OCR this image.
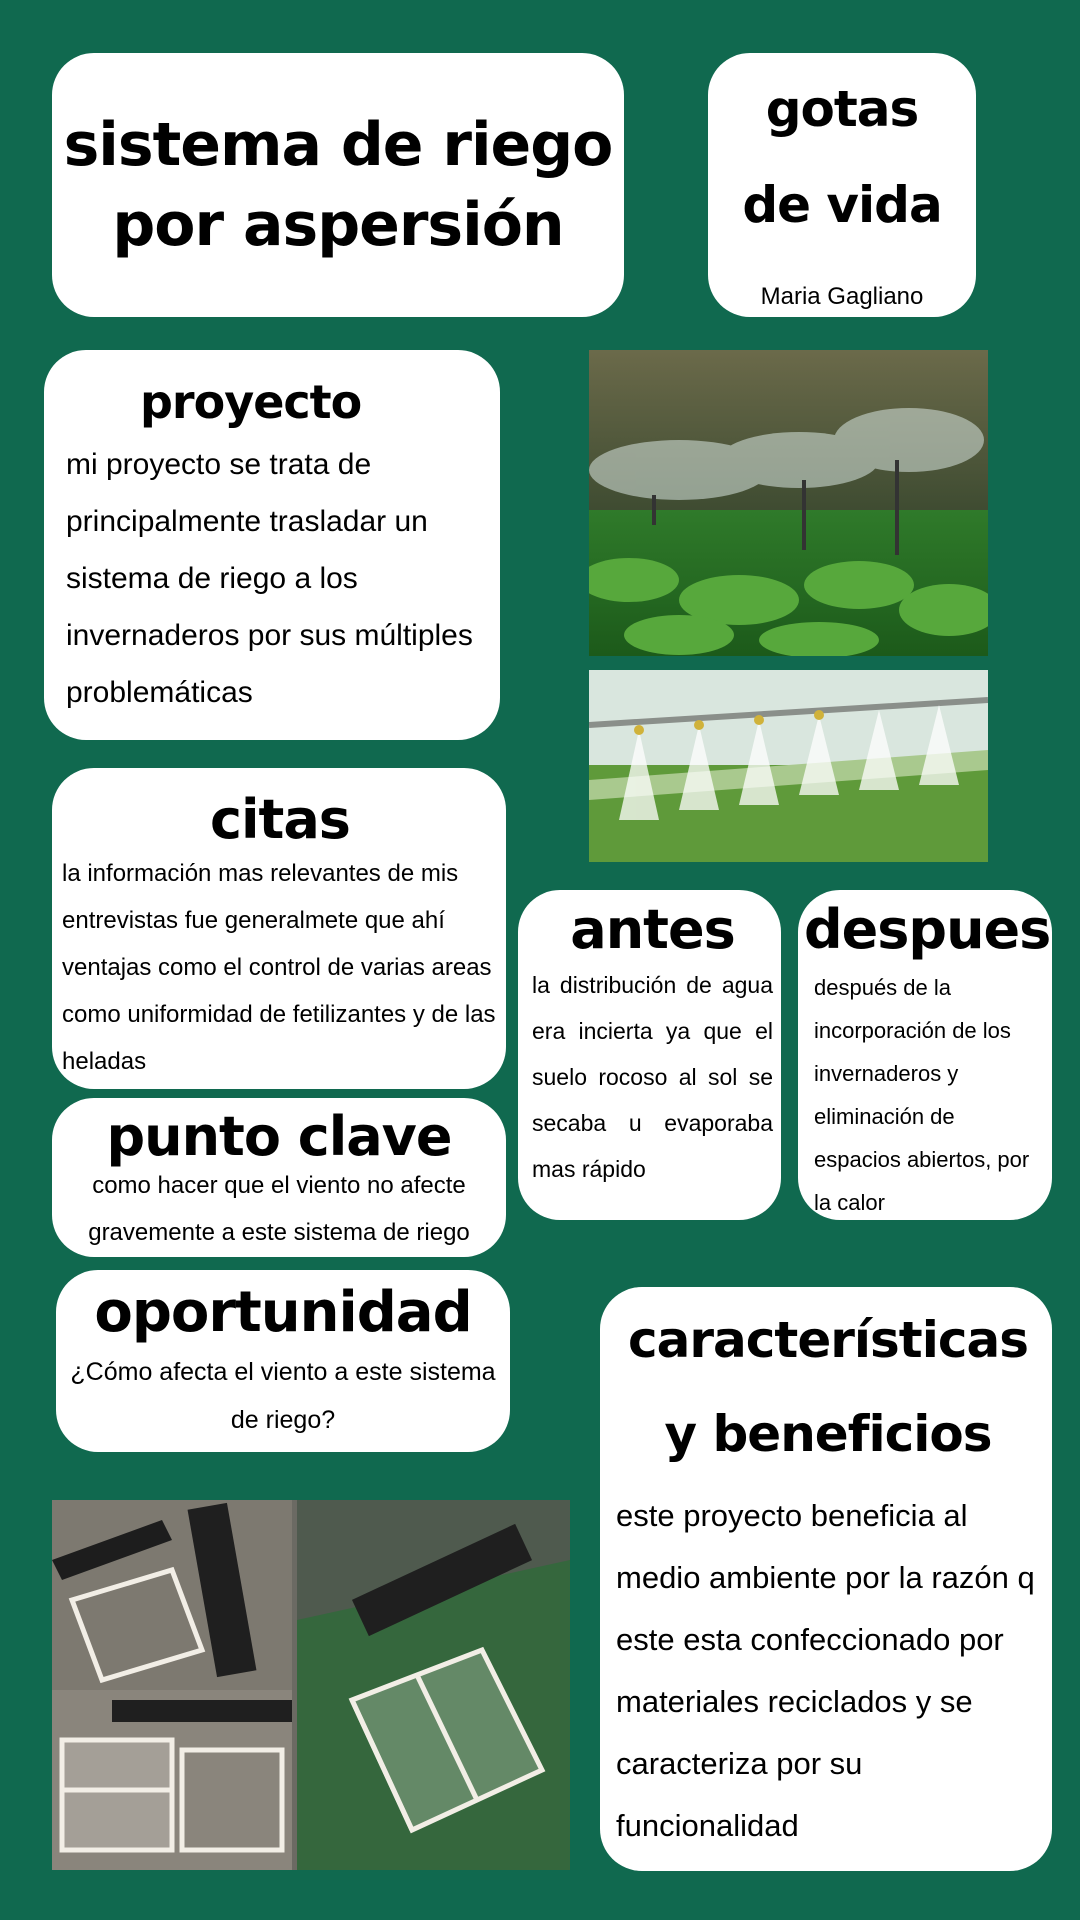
sistema de riego por aspersión
gotas de vida
Maria Gagliano
proyecto
mi proyecto se trata de principalmente trasladar un sistema de riego a los invernaderos por sus múltiples problemáticas
citas
la información mas relevantes de mis entrevistas fue generalmete que ahí ventajas como el control de varias areas como uniformidad de fetilizantes y de las heladas
antes
la distribución de agua era incierta ya que el suelo rocoso al sol se secaba u evaporaba mas rápido
despues
después de la incorporación de los invernaderos y eliminación de espacios abiertos, por la calor
punto clave
como hacer que el viento no afecte gravemente a este sistema de riego
oportunidad
¿Cómo afecta el viento a este sistema de riego?
características y beneficios
este proyecto beneficia al medio ambiente por la razón q este esta confeccionado por materiales reciclados y se caracteriza por su funcionalidad
